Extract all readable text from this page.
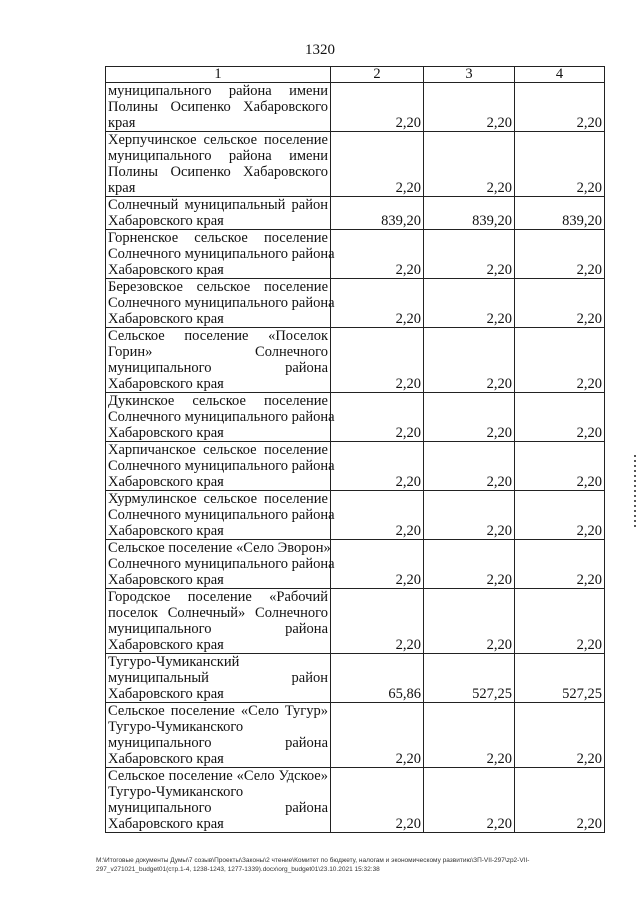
1320
1	2	3	4

муниципального района имени
Полины Осипенко Хабаровского
края	2,20	2,20	2,20

Херпучинское сельское поселение
муниципального района имени
Полины Осипенко Хабаровского
края	2,20	2,20	2,20

Солнечный муниципальный район
Хабаровского края	839,20	839,20	839,20

Горненское сельское поселение
Солнечного муниципального района
Хабаровского края	2,20	2,20	2,20

Березовское сельское поселение
Солнечного муниципального района
Хабаровского края	2,20	2,20	2,20

Сельское поселение «Поселок
Горин» Солнечного
муниципального района
Хабаровского края	2,20	2,20	2,20

Дукинское сельское поселение
Солнечного муниципального района
Хабаровского края	2,20	2,20	2,20

Харпичанское сельское поселение
Солнечного муниципального района
Хабаровского края	2,20	2,20	2,20

Хурмулинское сельское поселение
Солнечного муниципального района
Хабаровского края	2,20	2,20	2,20

Сельское поселение «Село Эворон»
Солнечного муниципального района
Хабаровского края	2,20	2,20	2,20

Городское поселение «Рабочий
поселок Солнечный» Солнечного
муниципального района
Хабаровского края	2,20	2,20	2,20

Тугуро-Чумиканский
муниципальный район
Хабаровского края	65,86	527,25	527,25

Сельское поселение «Село Тугур»
Тугуро-Чумиканского
муниципального района
Хабаровского края	2,20	2,20	2,20

Сельское поселение «Село Удское»
Тугуро-Чумиканского
муниципального района
Хабаровского края	2,20	2,20	2,20
М:\Итоговые документы Думы\7 созыв\Проекты\Законы\2 чтение\Комитет по бюджету, налогам и экономическому развитию\ЗП-VII-297\zp2-VII-
297_v271021_budget01(стр.1-4, 1238-1243, 1277-1339).docx\org_budget01\23.10.2021 15:32:38
